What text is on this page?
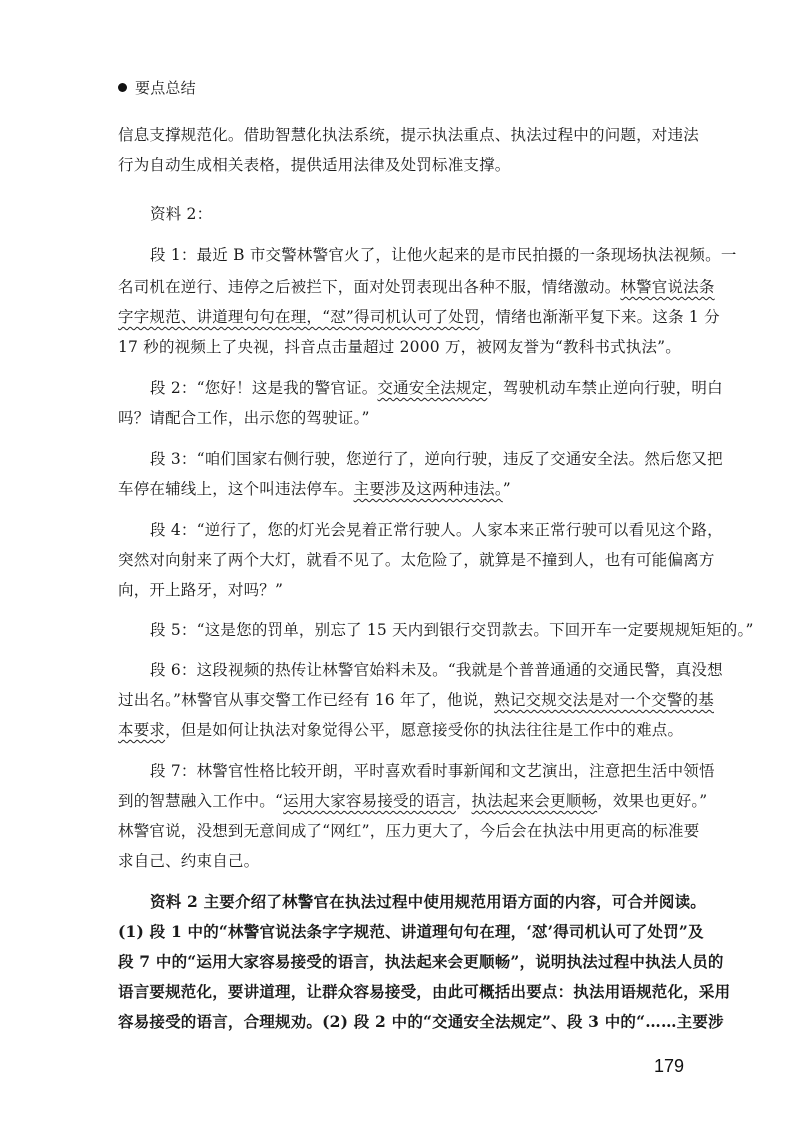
要点总结
信息支撑规范化。借助智慧化执法系统，提示执法重点、执法过程中的问题，对违法
行为自动生成相关表格，提供适用法律及处罚标准支撑。
资料 2：
段 1：最近 B 市交警林警官火了，让他火起来的是市民拍摄的一条现场执法视频。一
名司机在逆行、违停之后被拦下，面对处罚表现出各种不服，情绪激动。林警官说法条
字字规范、讲道理句句在理，“怼”得司机认可了处罚，情绪也渐渐平复下来。这条 1 分
17 秒的视频上了央视，抖音点击量超过 2000 万，被网友誉为“教科书式执法”。
段 2：“您好！这是我的警官证。交通安全法规定，驾驶机动车禁止逆向行驶，明白
吗？请配合工作，出示您的驾驶证。”
段 3：“咱们国家右侧行驶，您逆行了，逆向行驶，违反了交通安全法。然后您又把
车停在辅线上，这个叫违法停车。主要涉及这两种违法。”
段 4：“逆行了，您的灯光会晃着正常行驶人。人家本来正常行驶可以看见这个路，
突然对向射来了两个大灯，就看不见了。太危险了，就算是不撞到人，也有可能偏离方
向，开上路牙，对吗？”
段 5：“这是您的罚单，别忘了 15 天内到银行交罚款去。下回开车一定要规规矩矩的。”
段 6：这段视频的热传让林警官始料未及。“我就是个普普通通的交通民警，真没想
过出名。”林警官从事交警工作已经有 16 年了，他说，熟记交规交法是对一个交警的基
本要求，但是如何让执法对象觉得公平，愿意接受你的执法往往是工作中的难点。
段 7：林警官性格比较开朗，平时喜欢看时事新闻和文艺演出，注意把生活中领悟
到的智慧融入工作中。“运用大家容易接受的语言，执法起来会更顺畅，效果也更好。”
林警官说，没想到无意间成了“网红”，压力更大了，今后会在执法中用更高的标准要
求自己、约束自己。
资料 2 主要介绍了林警官在执法过程中使用规范用语方面的内容，可合并阅读。
(1) 段 1 中的“林警官说法条字字规范、讲道理句句在理，‘怼’得司机认可了处罚”及
段 7 中的“运用大家容易接受的语言，执法起来会更顺畅”，说明执法过程中执法人员的
语言要规范化，要讲道理，让群众容易接受，由此可概括出要点：执法用语规范化，采用
容易接受的语言，合理规劝。(2) 段 2 中的“交通安全法规定”、段 3 中的“……主要涉
179
